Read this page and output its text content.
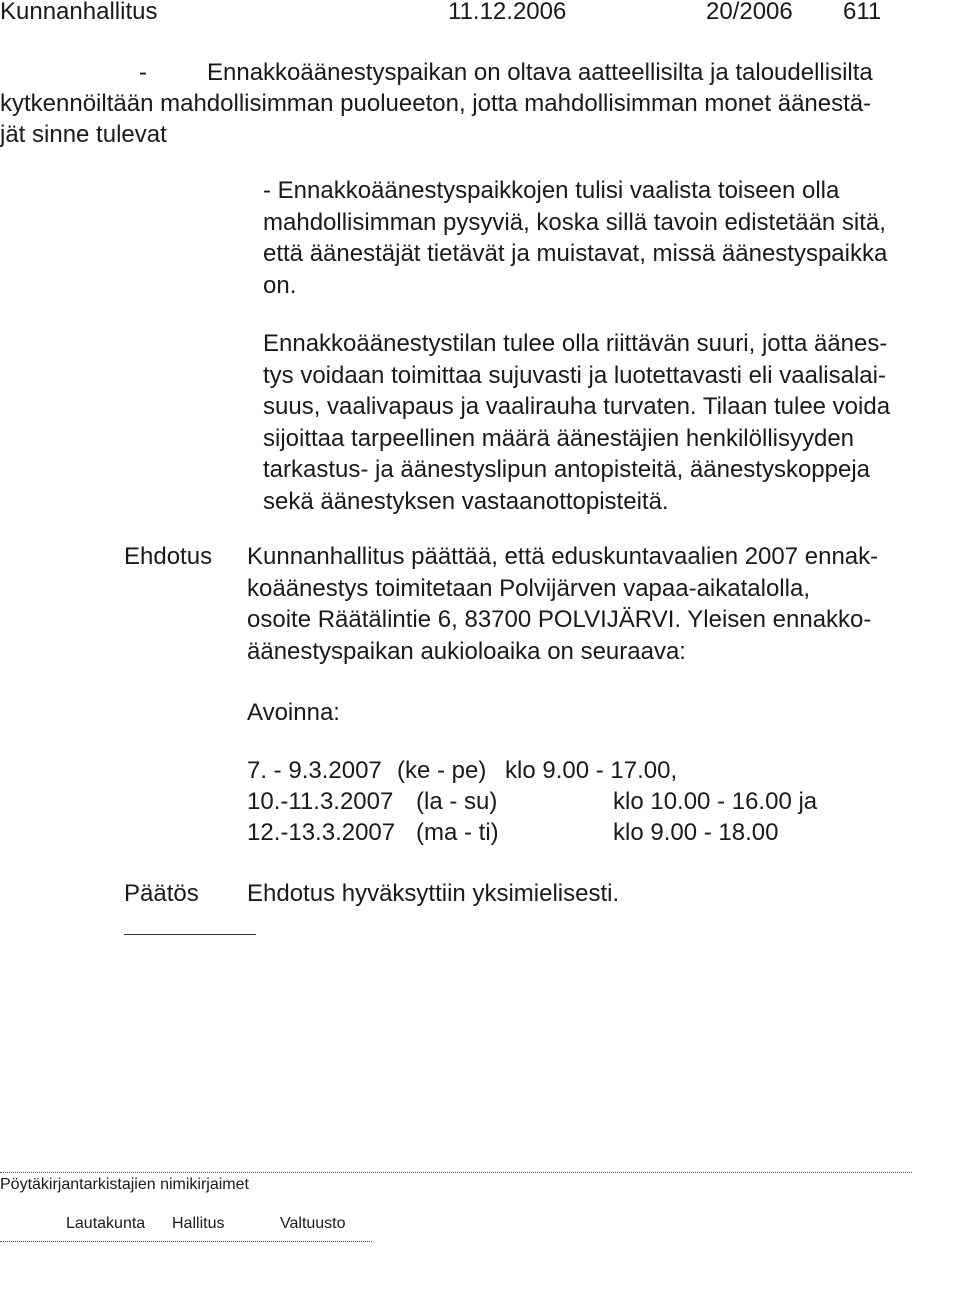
Kunnanhallitus	11.12.2006	20/2006 611
-	Ennakkoäänestyspaikan on oltava aatteellisilta ja taloudellisilta
kytkennöiltään mahdollisimman puolueeton, jotta mahdollisimman monet äänestä-
jät sinne tulevat
- Ennakkoäänestyspaikkojen tulisi vaalista toiseen olla
mahdollisimman pysyviä, koska sillä tavoin edistetään sitä,
että äänestäjät tietävät ja muistavat, missä äänestyspaikka
on.
Ennakkoäänestystilan tulee olla riittävän suuri, jotta äänes-
tys voidaan toimittaa sujuvasti ja luotettavasti eli vaalisalai-
suus, vaalivapaus ja vaalirauha turvaten. Tilaan tulee voida
sijoittaa tarpeellinen määrä äänestäjien henkilöllisyyden
tarkastus- ja äänestyslipun antopisteitä, äänestyskoppeja
sekä äänestyksen vastaanottopisteitä.
Ehdotus Kunnanhallitus päättää, että eduskuntavaalien 2007 ennak-
koäänestys toimitetaan Polvijärven vapaa-aikatalolla,
osoite Räätälintie 6, 83700 POLVIJÄRVI. Yleisen ennakko-
äänestyspaikan aukioloaika on seuraava:
Avoinna:
7. - 9.3.2007 (ke - pe) klo 9.00 - 17.00,
10.-11.3.2007 (la - su)	klo 10.00 - 16.00 ja
12.-13.3.2007 (ma - ti)	klo 9.00 - 18.00
Päätös Ehdotus hyväksyttiin yksimielisesti.
Pöytäkirjantarkistajien nimikirjaimet
Lautakunta Hallitus	Valtuusto
